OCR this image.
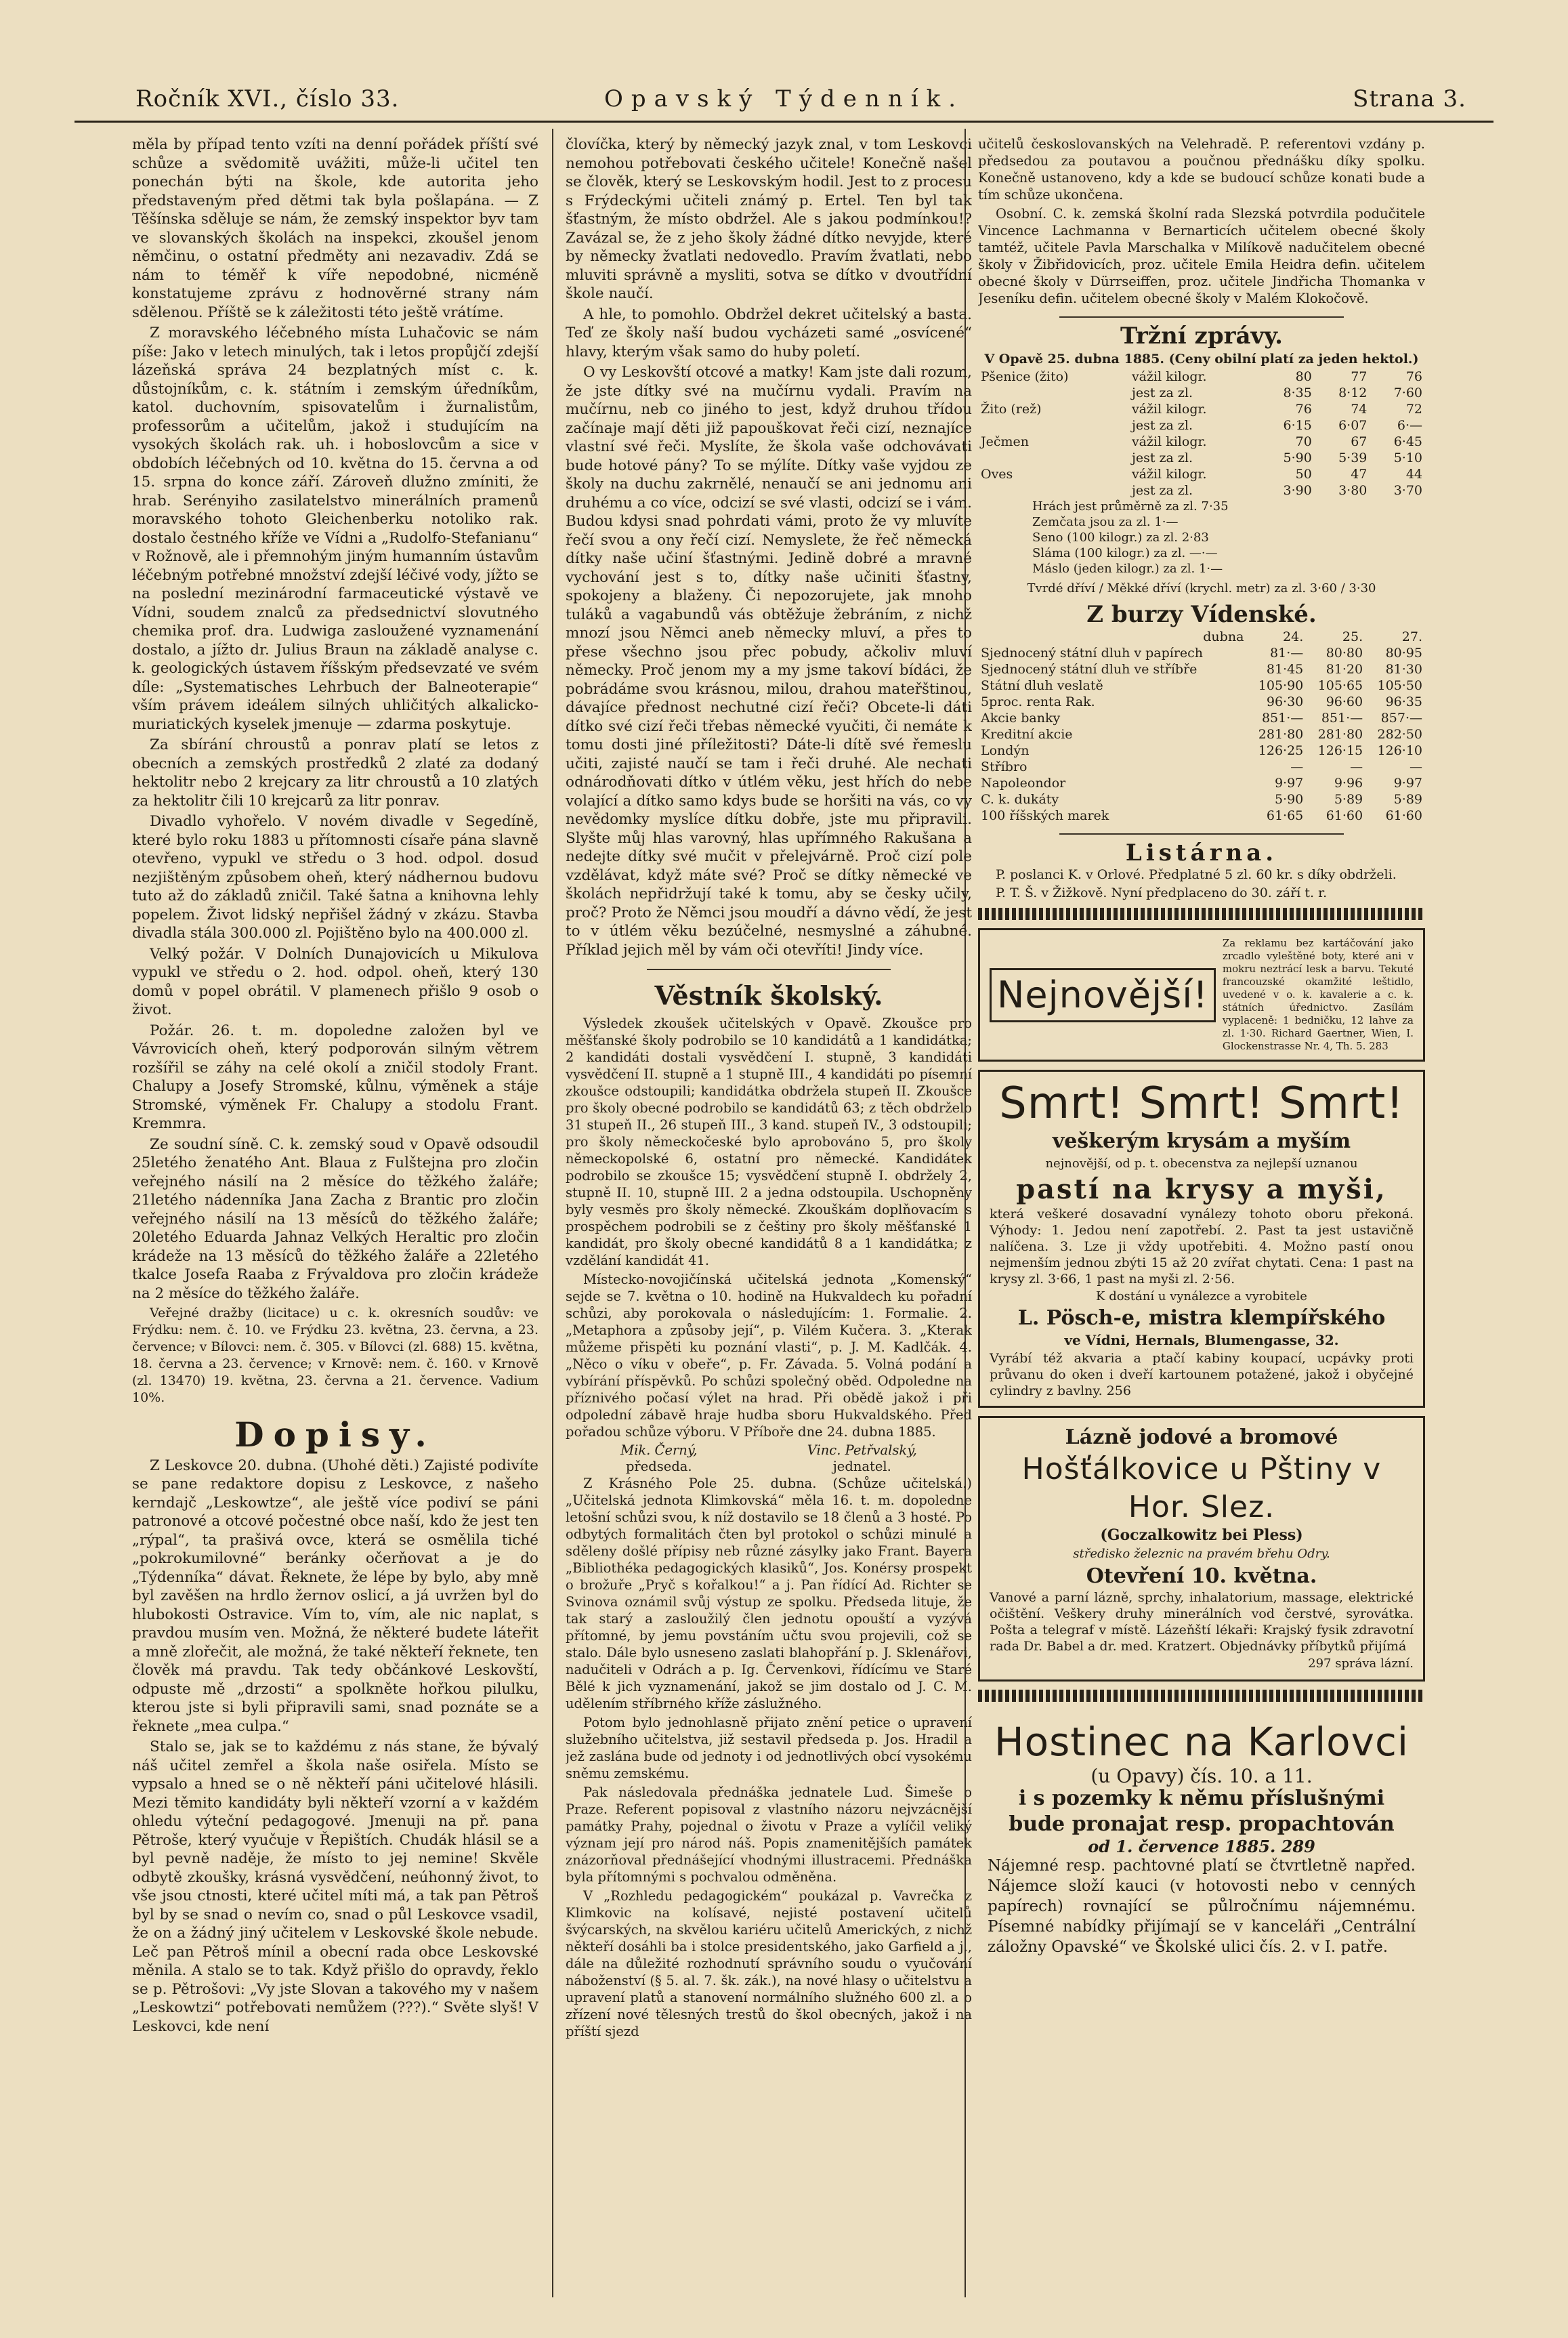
Ročník XVI., číslo 33.	Opavský Týdenník.	Strana 3.

měla by případ tento vzíti na denní pořádek příští své schůze a svědomitě uvážiti, může-li učitel ten ponechán býti na škole, kde autorita jeho představeným před dětmi tak byla pošlapána. — Z Těšínska sděluje se nám, že zemský inspektor byv tam ve slovanských školách na inspekci, zkoušel jenom němčinu, o ostatní předměty ani nezavadiv. Zdá se nám to téměř k víře nepodobné, nicméně konstatujeme zprávu z hodnověrné strany nám sdělenou. Příště se k záležitosti této ještě vrátíme.

Z moravského léčebného místa Luhačovic se nám píše: Jako v letech minulých, tak i letos propůjčí zdejší lázeňská správa 24 bezplatných míst c. k. důstojníkům, c. k. státním i zemským úředníkům, katol. duchovním, spisovatelům i žurnalistům, professorům a učitelům, jakož i studujícím na vysokých školách rak. uh. i hoboslovcům a sice v obdobích léčebných od 10. května do 15. června a od 15. srpna do konce září. Zároveň dlužno zmíniti, že hrab. Serényiho zasilatelstvo minerálních pramenů moravského tohoto Gleichenberku notoliko rak. dostalo čestného kříže ve Vídni a „Rudolfo-Stefanianu“ v Rožnově, ale i přemnohým jiným humanním ústavům léčebným potřebné množství zdejší léčivé vody, jížto se na poslední mezinárodní farmaceutické výstavě ve Vídni, soudem znalců za předsednictví slovutného chemika prof. dra. Ludwiga zasloužené vyznamenání dostalo, a jížto dr. Julius Braun na základě analyse c. k. geologických ústavem říšským předsevzaté ve svém díle: „Systematisches Lehrbuch der Balneoterapie“ vším právem ideálem silných uhličitých alkalicko-muriatických kyselek jmenuje — zdarma poskytuje.

Za sbírání chroustů a ponrav platí se letos z obecních a zemských prostředků 2 zlaté za dodaný hektolitr nebo 2 krejcary za litr chroustů a 10 zlatých za hektolitr čili 10 krejcarů za litr ponrav.

Divadlo vyhořelo. V novém divadle v Segedíně, které bylo roku 1883 u přítomnosti císaře pána slavně otevřeno, vypukl ve středu o 3 hod. odpol. dosud nezjištěným způsobem oheň, který nádhernou budovu tuto až do základů zničil. Také šatna a knihovna lehly popelem. Život lidský nepřišel žádný v zkázu. Stavba divadla stála 300.000 zl. Pojištěno bylo na 400.000 zl.

Velký požár. V Dolních Dunajovicích u Mikulova vypukl ve středu o 2. hod. odpol. oheň, který 130 domů v popel obrátil. V plamenech přišlo 9 osob o život.

Požár. 26. t. m. dopoledne založen byl ve Vávrovicích oheň, který podporován silným větrem rozšířil se záhy na celé okolí a zničil stodoly Frant. Chalupy a Josefy Stromské, kůlnu, výměnek a stáje Stromské, výměnek Fr. Chalupy a stodolu Frant. Kremmra.

Ze soudní síně. C. k. zemský soud v Opavě odsoudil 25letého ženatého Ant. Blaua z Fulštejna pro zločin veřejného násilí na 2 měsíce do těžkého žaláře; 21letého nádenníka Jana Zacha z Brantic pro zločin veřejného násilí na 13 měsíců do těžkého žaláře; 20letého Eduarda Jahnaz Velkých Heraltic pro zločin krádeže na 13 měsíců do těžkého žaláře a 22letého tkalce Josefa Raaba z Frývaldova pro zločin krádeže na 2 měsíce do těžkého žaláře.

Veřejné dražby (licitace) u c. k. okresních soudův: ve Frýdku: nem. č. 10. ve Frýdku 23. května, 23. června, a 23. července; v Bílovci: nem. č. 305. v Bílovci (zl. 688) 15. května, 18. června a 23. července; v Krnově: nem. č. 160. v Krnově (zl. 13470) 19. května, 23. června a 21. července. Vadium 10%.

Dopisy.

Z Leskovce 20. dubna. (Uhohé děti.) Zajisté podivíte se pane redaktore dopisu z Leskovce, z našeho kerndajč „Leskowtze“, ale ještě více podiví se páni patronové a otcové počestné obce naší, kdo že jest ten „rýpal“, ta prašivá ovce, která se osmělila tiché „pokrokumilovné“ beránky očerňovat a je do „Týdenníka“ dávat. Řeknete, že lépe by bylo, aby mně byl zavěšen na hrdlo žernov oslicí, a já uvržen byl do hlubokosti Ostravice. Vím to, vím, ale nic naplat, s pravdou musím ven. Možná, že některé budete láteřit a mně zlořečit, ale možná, že také někteří řeknete, ten člověk má pravdu. Tak tedy občánkové Leskovští, odpuste mě „drzosti“ a spolkněte hořkou pilulku, kterou jste si byli připravili sami, snad poznáte se a řeknete „mea culpa.“

Stalo se, jak se to každému z nás stane, že bývalý náš učitel zemřel a škola naše osiřela. Místo se vypsalo a hned se o ně někteří páni učitelové hlásili. Mezi těmito kandidáty byli někteří vzorní a v každém ohledu výteční pedagogové. Jmenuji na př. pana Pětroše, který vyučuje v Řepištích. Chudák hlásil se a byl pevně naděje, že místo to jej nemine! Skvěle odbytě zkoušky, krásná vysvědčení, neúhonný život, to vše jsou ctnosti, které učitel míti má, a tak pan Pětroš byl by se snad o nevím co, snad o půl Leskovce vsadil, že on a žádný jiný učitelem v Leskovské škole nebude. Leč pan Pětroš mínil a obecní rada obce Leskovské měnila. A stalo se to tak. Když přišlo do opravdy, řeklo se p. Pětrošovi: „Vy jste Slovan a takového my v našem „Leskowtzi“ potřebovati nemůžem (???).“ Světe slyš! V Leskovci, kde není

človíčka, který by německý jazyk znal, v tom Leskovci nemohou potřebovati českého učitele! Konečně našel se člověk, který se Leskovským hodil. Jest to z procesu s Frýdeckými učiteli známý p. Ertel. Ten byl tak šťastným, že místo obdržel. Ale s jakou podmínkou!? Zavázal se, že z jeho školy žádné dítko nevyjde, které by německy žvatlati nedovedlo. Pravím žvatlati, nebo mluviti správně a mysliti, sotva se dítko v dvoutřídní škole naučí.

A hle, to pomohlo. Obdržel dekret učitelský a basta. Teď ze školy naší budou vycházeti samé „osvícené“ hlavy, kterým však samo do huby poletí.

O vy Leskovští otcové a matky! Kam jste dali rozum, že jste dítky své na mučírnu vydali. Pravím na mučírnu, neb co jiného to jest, když druhou třídou začínaje mají děti již papouškovat řeči cizí, neznajíce vlastní své řeči. Myslíte, že škola vaše odchovávati bude hotové pány? To se mýlíte. Dítky vaše vyjdou ze školy na duchu zakrnělé, nenaučí se ani jednomu ani druhému a co více, odcizí se své vlasti, odcizí se i vám. Budou kdysi snad pohrdati vámi, proto že vy mluvíte řečí svou a ony řečí cizí. Nemyslete, že řeč německá dítky naše učiní šťastnými. Jedině dobré a mravné vychování jest s to, dítky naše učiniti šťastny, spokojeny a blaženy. Či nepozorujete, jak mnoho tuláků a vagabundů vás obtěžuje žebráním, z nichž mnozí jsou Němci aneb německy mluví, a přes to přese všechno jsou přec pobudy, ačkoliv mluví německy. Proč jenom my a my jsme takoví bídáci, že pobrádáme svou krásnou, milou, drahou mateřštinou, dávajíce přednost nechutné cizí řeči? Obcete-li dáti dítko své cizí řeči třebas německé vyučiti, či nemáte k tomu dosti jiné příležitosti? Dáte-li dítě své řemeslu učiti, zajisté naučí se tam i řeči druhé. Ale nechati odnárodňovati dítko v útlém věku, jest hřích do nebe volající a dítko samo kdys bude se horšiti na vás, co vy nevědomky myslíce dítku dobře, jste mu připravili. Slyšte můj hlas varovný, hlas upřímného Rakušana a nedejte dítky své mučit v přelejvárně. Proč cizí pole vzdělávat, když máte své? Proč se dítky německé ve školách nepřidržují také k tomu, aby se česky učily, proč? Proto že Němci jsou moudří a dávno vědí, že jest to v útlém věku bezúčelné, nesmyslné a záhubné. Příklad jejich měl by vám oči otevříti! Jindy více.

Věstník školský.

Výsledek zkoušek učitelských v Opavě. Zkoušce pro měšťanské školy podrobilo se 10 kandidátů a 1 kandidátka; 2 kandidáti dostali vysvědčení I. stupně, 3 kandidáti vysvědčení II. stupně a 1 stupně III., 4 kandidáti po písemní zkoušce odstoupili; kandidátka obdržela stupeň II. Zkoušce pro školy obecné podrobilo se kandidátů 63; z těch obdrželo 31 stupeň II., 26 stupeň III., 3 kand. stupeň IV., 3 odstoupili; pro školy německočeské bylo aprobováno 5, pro školy německopolské 6, ostatní pro německé. Kandidátek podrobilo se zkoušce 15; vysvědčení stupně I. obdržely 2, stupně II. 10, stupně III. 2 a jedna odstoupila. Uschopněny byly vesměs pro školy německé. Zkouškám doplňovacím s prospěchem podrobili se z češtiny pro školy měšťanské 1 kandidát, pro školy obecné kandidátů 8 a 1 kandidátka; z vzdělání kandidát 41.

Místecko-novojičínská učitelská jednota „Komenský“ sejde se 7. května o 10. hodině na Hukvaldech ku pořadní schůzi, aby porokovala o následujícím: 1. Formalie. 2. „Metaphora a způsoby její“, p. Vilém Kučera. 3. „Kterak můžeme přispěti ku poznání vlasti“, p. J. M. Kadlčák. 4. „Něco o víku v obeře“, p. Fr. Závada. 5. Volná podání a vybírání příspěvků. Po schůzi společný oběd. Odpoledne na příznivého počasí výlet na hrad. Při obědě jakož i při odpolední zábavě hraje hudba sboru Hukvaldského. Před pořadou schůze výboru. V Příboře dne 24. dubna 1885.

Mik. Černý,
předseda.
Vinc. Petřvalský,
jednatel.

Z Krásného Pole 25. dubna. (Schůze učitelská.) „Učitelská jednota Klimkovská“ měla 16. t. m. dopoledne letošní schůzi svou, k níž dostavilo se 18 členů a 3 hosté. Po odbytých formalitách čten byl protokol o schůzi minulé a sděleny došlé přípisy neb různé zásylky jako Frant. Bayera „Bibliothéka pedagogických klasiků“, Jos. Konérsy prospekt o brožuře „Pryč s kořalkou!“ a j. Pan řídící Ad. Richter se Svinova oznámil svůj výstup ze spolku. Předseda lituje, že tak starý a zasloužilý člen jednotu opouští a vyzývá přítomné, by jemu povstáním učtu svou projevili, což se stalo. Dále bylo usneseno zaslati blahopřání p. J. Sklenářovi, nadučiteli v Odrách a p. Ig. Červenkovi, řídícímu ve Staré Bělé k jich vyznamenání, jakož se jim dostalo od J. C. M. udělením stříbrného kříže záslužného.

Potom bylo jednohlasně přijato znění petice o upravení služebního učitelstva, již sestavil předseda p. Jos. Hradil a jež zaslána bude od jednoty i od jednotlivých obcí vysokému sněmu zemskému.

Pak následovala přednáška jednatele Lud. Šimeše o Praze. Referent popisoval z vlastního názoru nejvzácnější památky Prahy, pojednal o životu v Praze a vylíčil veliký význam její pro národ náš. Popis znamenitějších památek znázorňoval přednášející vhodnými illustracemi. Přednáška byla přítomnými s pochvalou odměněna.

V „Rozhledu pedagogickém“ poukázal p. Vavrečka z Klimkovic na kolísavé, nejisté postavení učitelů švýcarských, na skvělou kariéru učitelů Amerických, z nichž někteří dosáhli ba i stolce presidentského, jako Garfield a j., dále na důležité rozhodnutí správního soudu o vyučování náboženství (§ 5. al. 7. šk. zák.), na nové hlasy o učitelstvu a upravení platů a stanovení normálního služného 600 zl. a o zřízení nové tělesných trestů do škol obecných, jakož i na příští sjezd

učitelů českoslovanských na Velehradě. P. referentovi vzdány p. předsedou za poutavou a poučnou přednášku díky spolku. Konečně ustanoveno, kdy a kde se budoucí schůze konati bude a tím schůze ukončena.

Osobní. C. k. zemská školní rada Slezská potvrdila podučitele Vincence Lachmanna v Bernarticích učitelem obecné školy tamtéž, učitele Pavla Marschalka v Milíkově nadučitelem obecné školy v Žibřidovicích, proz. učitele Emila Heidra defin. učitelem obecné školy v Dürrseiffen, proz. učitele Jindřicha Thomanka v Jeseníku defin. učitelem obecné školy v Malém Klokočově.

Tržní zprávy.
V Opavě 25. dubna 1885. (Ceny obilní platí za jeden hektol.)
Pšenice (žito)	vážil kilogr.	80	77	76
	jest za zl.	8·35	8·12	7·60
Žito (rež)	vážil kilogr.	76	74	72
	jest za zl.	6·15	6·07	6·—
Ječmen	vážil kilogr.	70	67	6·45
	jest za zl.	5·90	5·39	5·10
Oves	vážil kilogr.	50	47	44
	jest za zl.	3·90	3·80	3·70
Hrách jest průměrně za zl. 7·35
Zemčata jsou za zl. 1·—
Seno (100 kilogr.) za zl. 2·83
Sláma (100 kilogr.) za zl. —·—
Máslo (jeden kilogr.) za zl. 1·—
Tvrdé dříví / Měkké dříví (krychl. metr) za zl. 3·60 / 3·30
Z burzy Vídenské.
dubna	24.	25.	27.
Sjednocený státní dluh v papírech	81·—	80·80	80·95
Sjednocený státní dluh ve stříbře	81·45	81·20	81·30
Státní dluh veslatě	105·90	105·65	105·50
5proc. renta Rak.	96·30	96·60	96·35
Akcie banky	851·—	851·—	857·—
Kreditní akcie	281·80	281·80	282·50
Londýn	126·25	126·15	126·10
Stříbro	—	—	—
Napoleondor	9·97	9·96	9·97
C. k. dukáty	5·90	5·89	5·89
100 říšských marek	61·65	61·60	61·60
Listárna.

P. poslanci K. v Orlové. Předplatné 5 zl. 60 kr. s díky obdrželi.

P. T. Š. v Žižkově. Nyní předplaceno do 30. září t. r.

Nejnovější!
Za reklamu bez kartáčování jako zrcadlo vyleštěné boty, které ani v mokru neztrácí lesk a barvu. Tekuté francouzské okamžité leštidlo, uvedené v o. k. kavalerie a c. k. státních úřednictvo. Zasílám vyplaceně: 1 bedničku, 12 lahve za zl. 1·30. Richard Gaertner, Wien, I. Glockenstrasse Nr. 4, Th. 5. 283
Smrt! Smrt! Smrt!
veškerým krysám a myším
nejnovější, od p. t. obecenstva za nejlepší uznanou
pastí na krysy a myši,
která veškeré dosavadní vynálezy tohoto oboru překoná. Výhody: 1. Jedou není zapotřebí. 2. Past ta jest ustavičně nalíčena. 3. Lze ji vždy upotřebiti. 4. Možno pastí onou nejmenším jednou zbýti 15 až 20 zvířat chytati. Cena: 1 past na krysy zl. 3·66, 1 past na myši zl. 2·56.
K dostání u vynálezce a vyrobitele
L. Pösch-e, mistra klempířského
ve Vídni, Hernals, Blumengasse, 32.
Vyrábí též akvaria a ptačí kabiny koupací, ucpávky proti průvanu do oken i dveří kartounem potažené, jakož i obyčejné cylindry z bavlny. 256
Lázně jodové a bromové
Hošťálkovice u Pštiny v Hor. Slez.
(Goczalkowitz bei Pless)
středisko železnic na pravém břehu Odry.
Otevření 10. května.
Vanové a parní lázně, sprchy, inhalatorium, massage, elektrické očištění. Veškery druhy minerálních vod čerstvé, syrovátka. Pošta a telegraf v místě. Lázeňští lékaři: Krajský fysik zdravotní rada Dr. Babel a dr. med. Kratzert. Objednávky příbytků přijímá
297 správa lázní.
Hostinec na Karlovci
(u Opavy) čís. 10. a 11.
i s pozemky k němu příslušnými
bude pronajat resp. propachtován
od 1. července 1885. 289
Nájemné resp. pachtovné platí se čtvrtletně napřed. Nájemce složí kauci (v hotovosti nebo v cenných papírech) rovnající se půlročnímu nájemnému. Písemné nabídky přijímají se v kanceláři „Centrální záložny Opavské“ ve Školské ulici čís. 2. v I. patře.
